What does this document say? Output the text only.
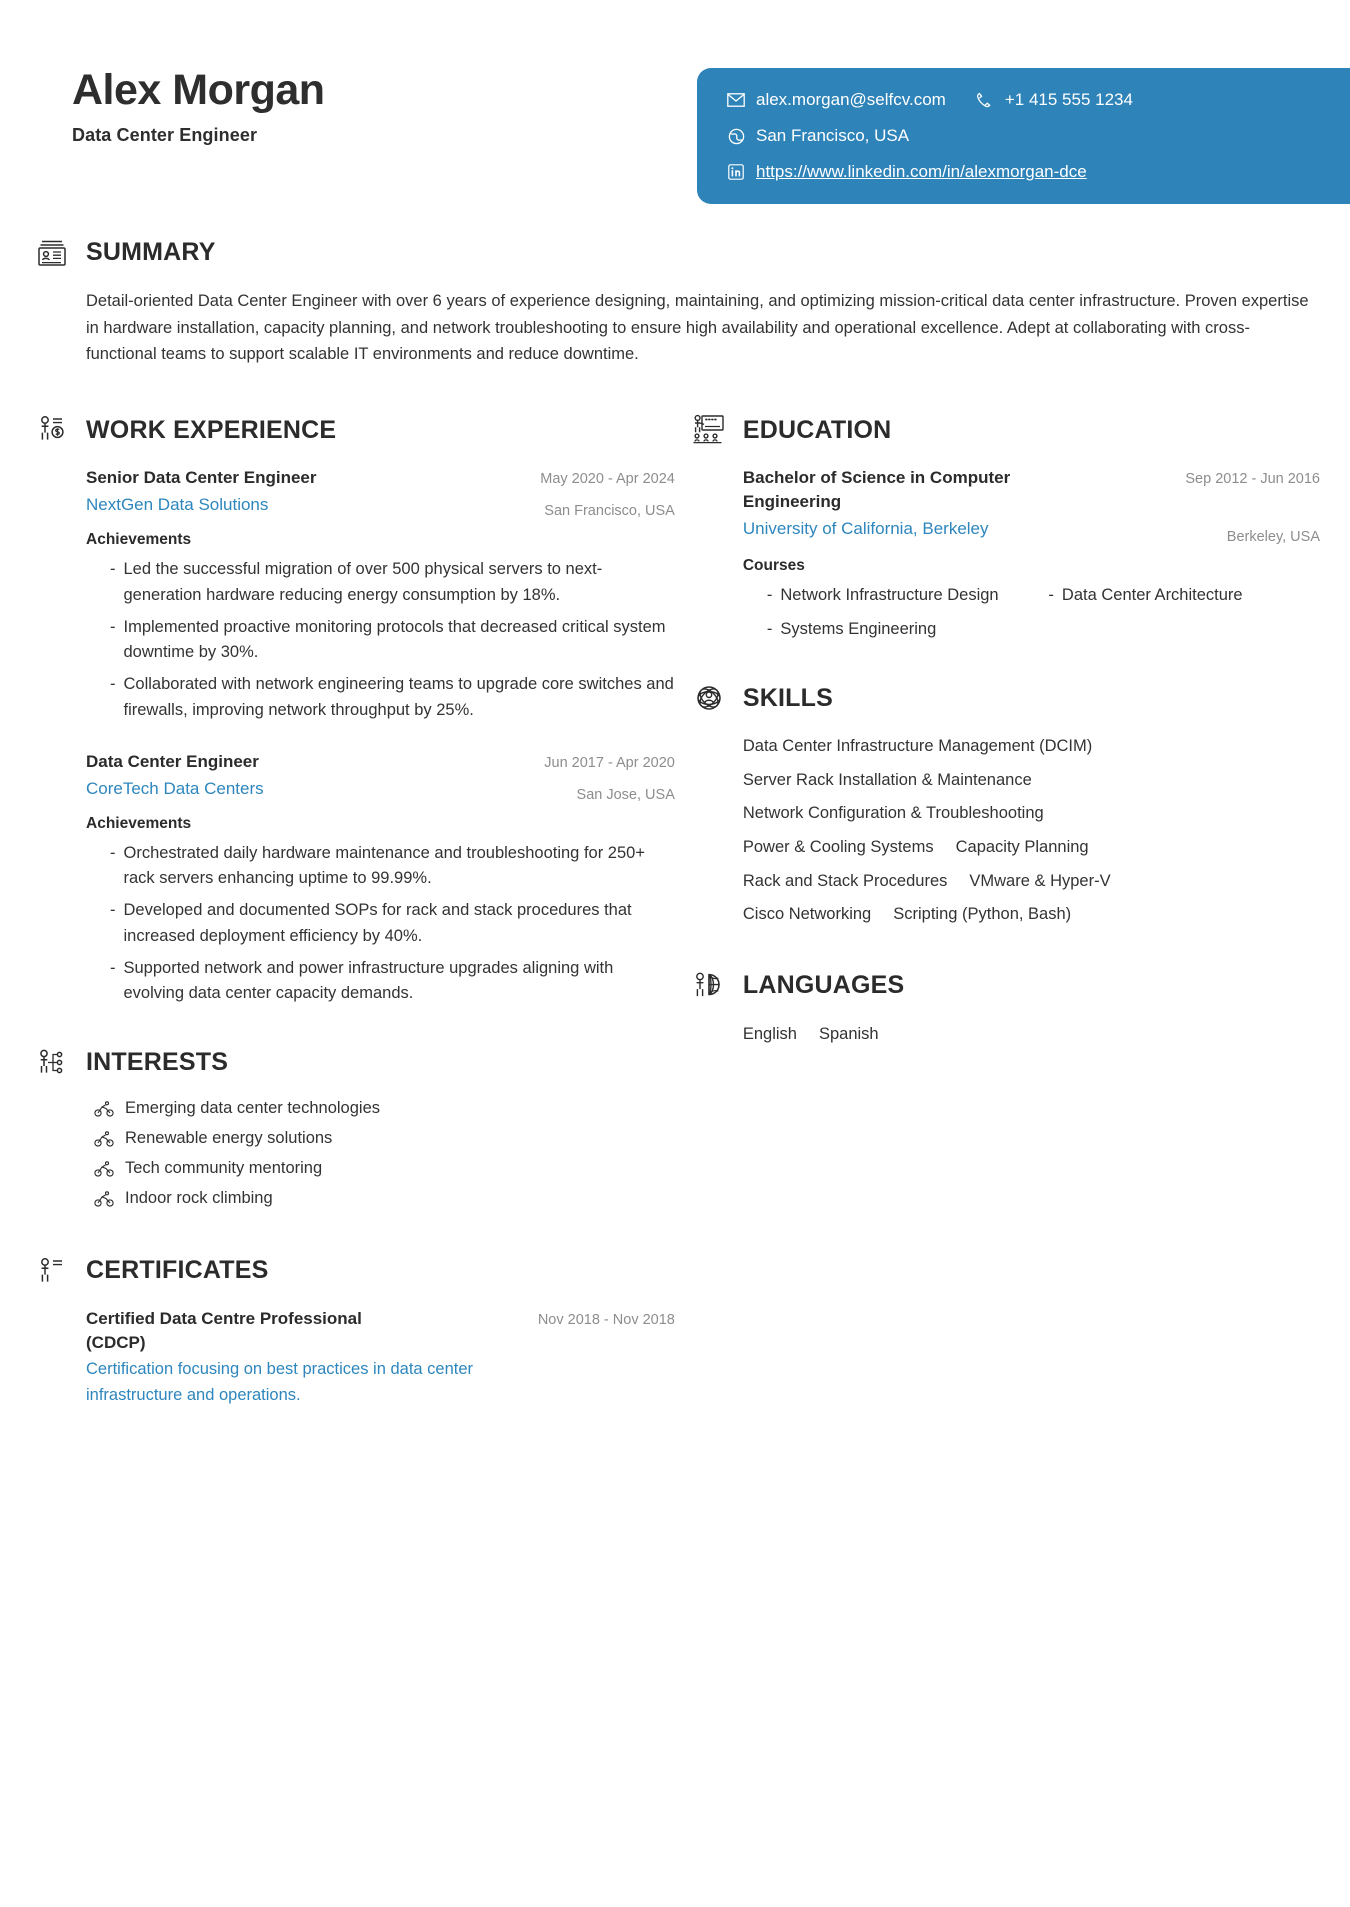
Alex Morgan
Data Center Engineer
alex.morgan@selfcv.com	+1 415 555 1234
San Francisco, USA
https://www.linkedin.com/in/alexmorgan-dce
SUMMARY
Detail-oriented Data Center Engineer with over 6 years of experience designing, maintaining, and optimizing mission-critical data center infrastructure. Proven expertise in hardware installation, capacity planning, and network troubleshooting to ensure high availability and operational excellence. Adept at collaborating with cross-functional teams to support scalable IT environments and reduce downtime.
WORK EXPERIENCE
Senior Data Center Engineer
NextGen Data Solutions
May 2020 - Apr 2024
San Francisco, USA
Achievements
- Led the successful migration of over 500 physical servers to next-generation hardware reducing energy consumption by 18%.
- Implemented proactive monitoring protocols that decreased critical system downtime by 30%.
- Collaborated with network engineering teams to upgrade core switches and firewalls, improving network throughput by 25%.
Data Center Engineer
CoreTech Data Centers
Jun 2017 - Apr 2020
San Jose, USA
Achievements
- Orchestrated daily hardware maintenance and troubleshooting for 250+ rack servers enhancing uptime to 99.99%.
- Developed and documented SOPs for rack and stack procedures that increased deployment efficiency by 40%.
- Supported network and power infrastructure upgrades aligning with evolving data center capacity demands.
INTERESTS
Emerging data center technologies
Renewable energy solutions
Tech community mentoring
Indoor rock climbing
CERTIFICATES
Certified Data Centre Professional (CDCP)
Nov 2018 - Nov 2018
Certification focusing on best practices in data center infrastructure and operations.
EDUCATION
Bachelor of Science in Computer Engineering
University of California, Berkeley
Sep 2012 - Jun 2016
Berkeley, USA
Courses
- Network Infrastructure Design	- Data Center Architecture
- Systems Engineering
SKILLS
Data Center Infrastructure Management (DCIM)
Server Rack Installation & Maintenance
Network Configuration & Troubleshooting
Power & Cooling Systems Capacity Planning
Rack and Stack Procedures VMware & Hyper-V
Cisco Networking Scripting (Python, Bash)
LANGUAGES
English Spanish
